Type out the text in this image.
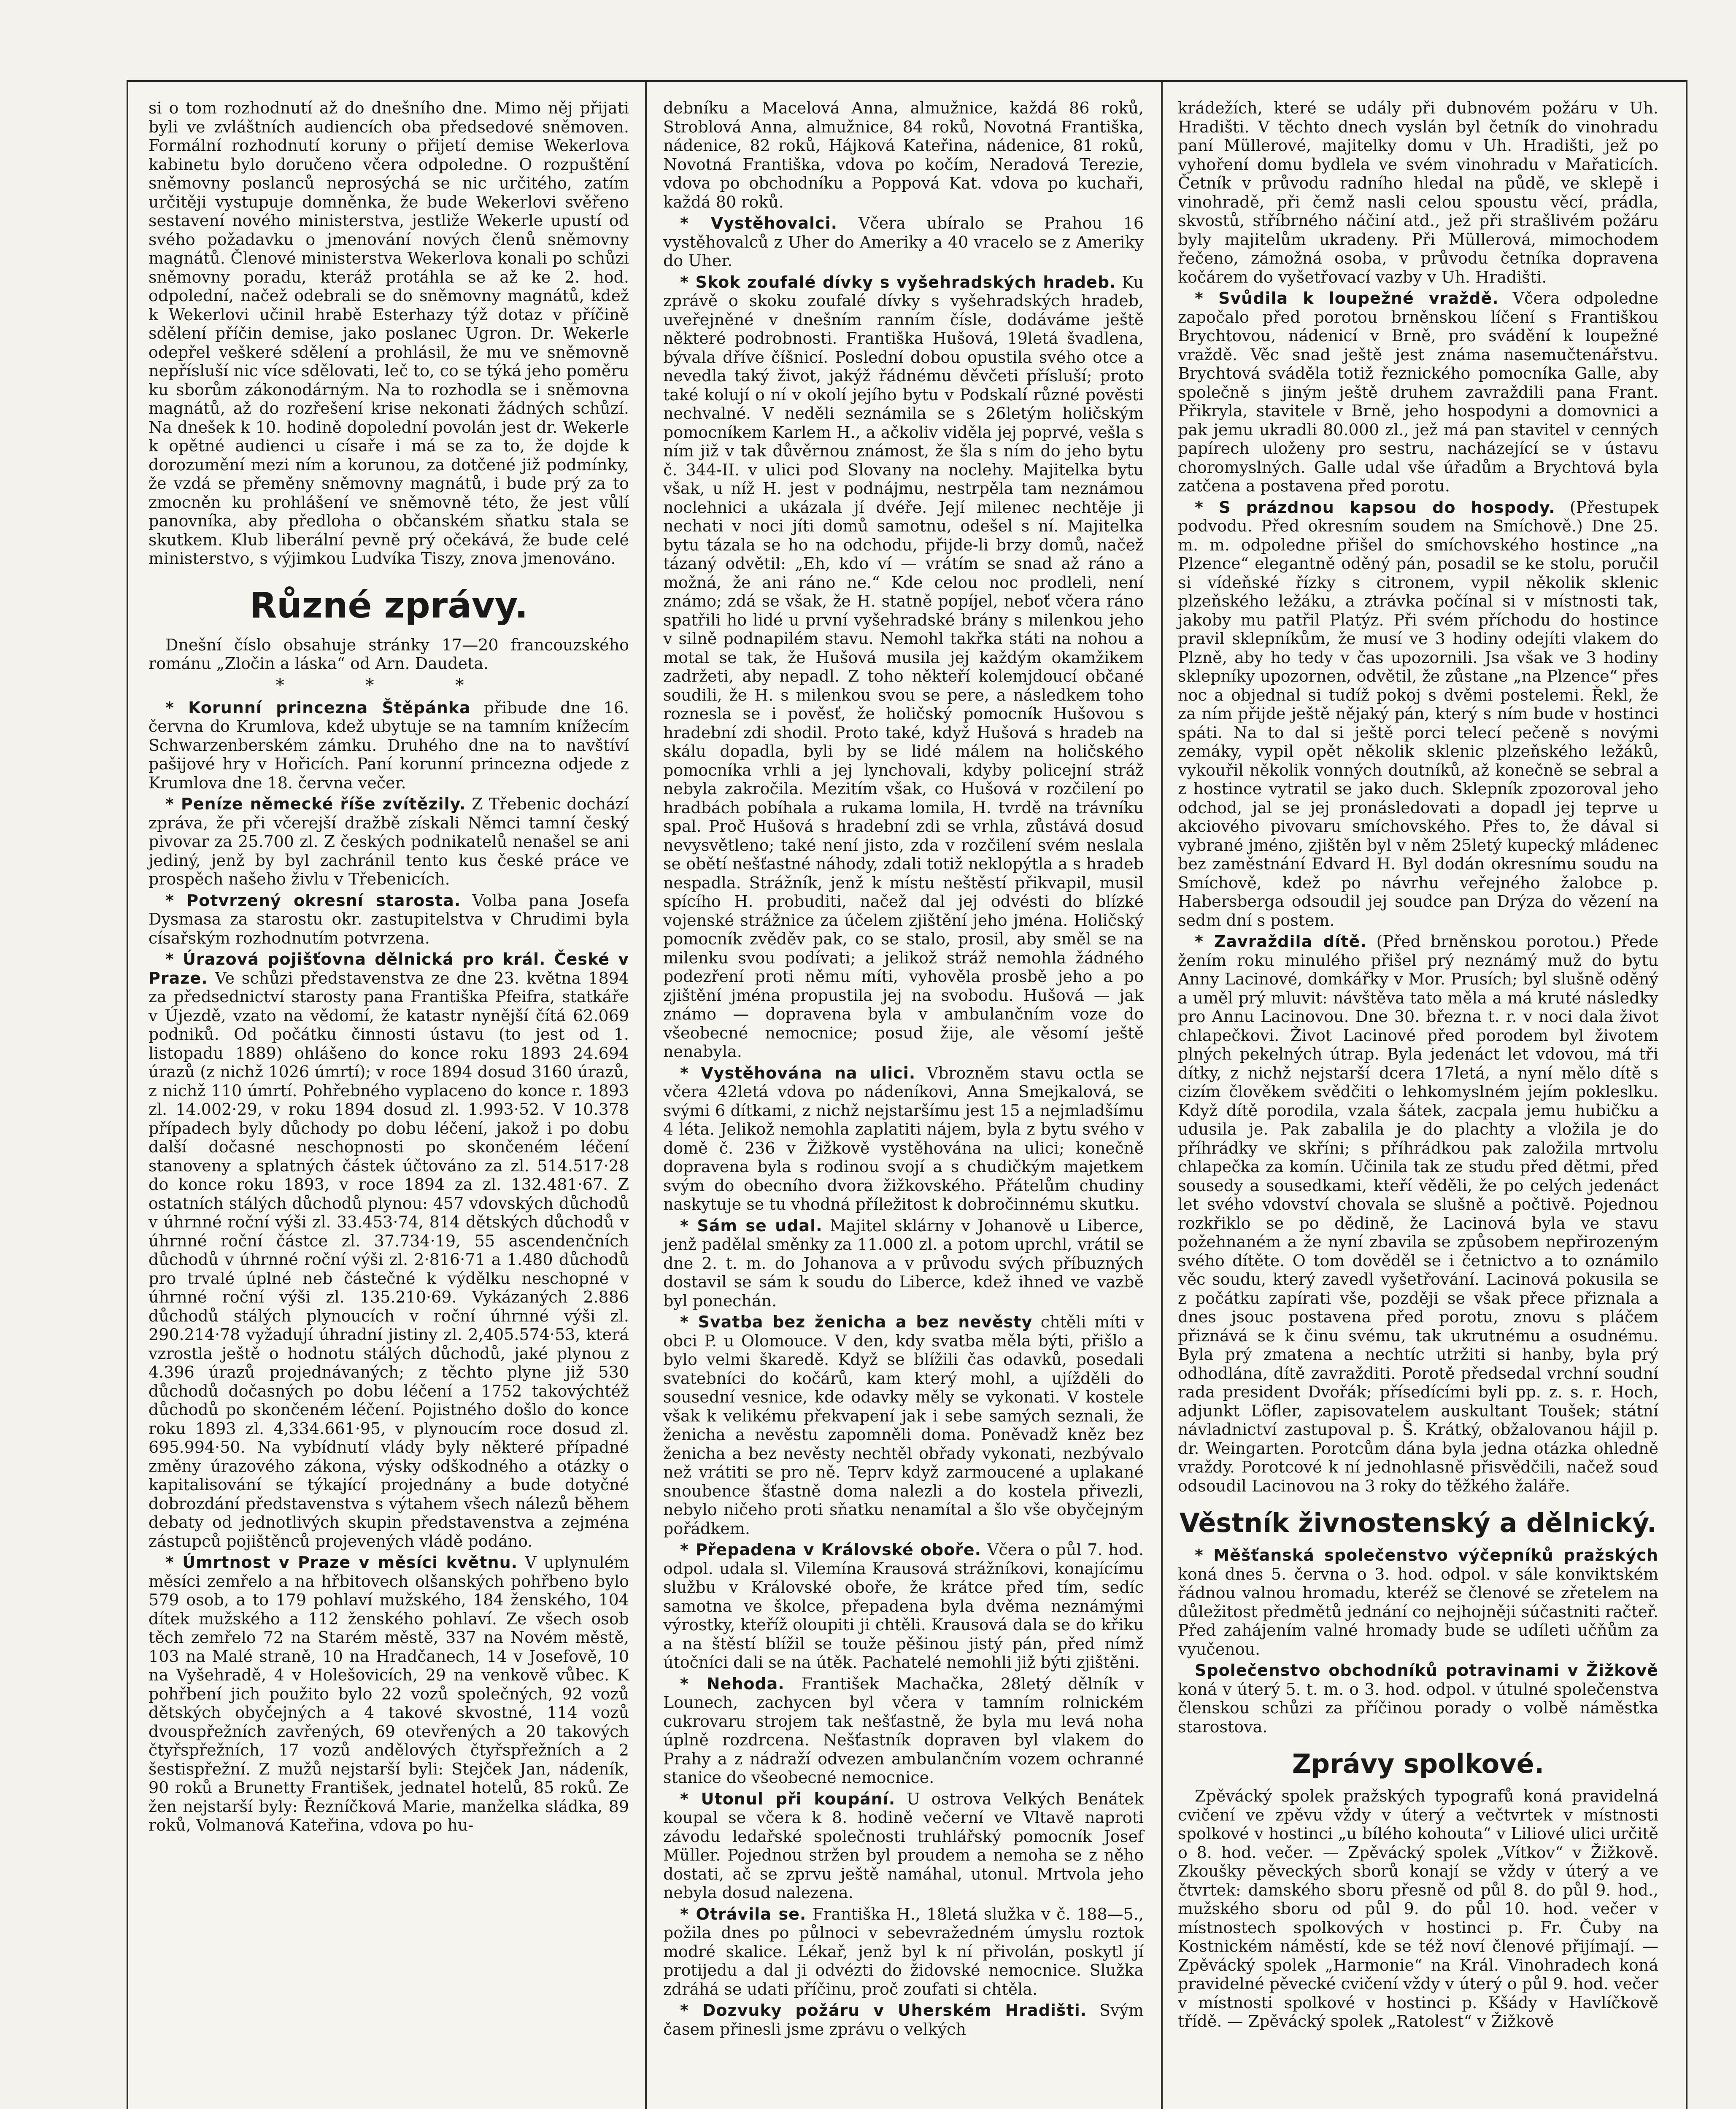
si o tom rozhodnutí až do dnešního dne. Mimo něj přijati byli ve zvláštních audiencích oba předsedové sněmoven. Formální rozhodnutí koruny o přijetí demise Wekerlova kabinetu bylo doručeno včera odpoledne. O rozpuštění sněmovny poslanců neprosýchá se nic určitého, zatím určitěji vystupuje domněnka, že bude Wekerlovi svěřeno sestavení nového ministerstva, jestliže Wekerle upustí od svého požadavku o jmenování nových členů sněmovny magnátů. Členové ministerstva Wekerlova konali po schůzi sněmovny poradu, kteráž protáhla se až ke 2. hod. odpolední, načež odebrali se do sněmovny magnátů, kdež k Wekerlovi učinil hrabě Esterhazy týž dotaz v příčině sdělení příčin demise, jako poslanec Ugron. Dr. Wekerle odepřel veškeré sdělení a prohlásil, že mu ve sněmovně nepřísluší nic více sdělovati, leč to, co se týká jeho poměru ku sborům zákonodárným. Na to rozhodla se i sněmovna magnátů, až do rozřešení krise nekonati žádných schůzí. Na dnešek k 10. hodině dopolední povolán jest dr. Wekerle k opětné audienci u císaře i má se za to, že dojde k dorozumění mezi ním a korunou, za dotčené již podmínky, že vzdá se přeměny sněmovny magnátů, i bude prý za to zmocněn ku prohlášení ve sněmovně této, že jest vůlí panovníka, aby předloha o občanském sňatku stala se skutkem. Klub liberální pevně prý očekává, že bude celé ministerstvo, s výjimkou Ludvíka Tiszy, znova jmenováno.

Různé zprávy.

Dnešní číslo obsahuje stránky 17—20 francouzského románu „Zločin a láska“ od Arn. Daudeta.

* * *

* Korunní princezna Štěpánka přibude dne 16. června do Krumlova, kdež ubytuje se na tamním knížecím Schwarzenberském zámku. Druhého dne na to navštíví pašijové hry v Hořicích. Paní korunní princezna odjede z Krumlova dne 18. června večer.

* Peníze německé říše zvítězily. Z Třebenic dochází zpráva, že při včerejší dražbě získali Němci tamní český pivovar za 25.700 zl. Z českých podnikatelů nenašel se ani jediný, jenž by byl zachránil tento kus české práce ve prospěch našeho živlu v Třebenicích.

* Potvrzený okresní starosta. Volba pana Josefa Dysmasa za starostu okr. zastupitelstva v Chrudimi byla císařským rozhodnutím potvrzena.

* Úrazová pojišťovna dělnická pro král. České v Praze. Ve schůzi představenstva ze dne 23. května 1894 za předsednictví starosty pana Františka Pfeifra, statkáře v Újezdě, vzato na vědomí, že katastr nynější čítá 62.069 podniků. Od počátku činnosti ústavu (to jest od 1. listopadu 1889) ohlášeno do konce roku 1893 24.694 úrazů (z nichž 1026 úmrtí); v roce 1894 dosud 3160 úrazů, z nichž 110 úmrtí. Pohřebného vyplaceno do konce r. 1893 zl. 14.002·29, v roku 1894 dosud zl. 1.993·52. V 10.378 případech byly důchody po dobu léčení, jakož i po dobu další dočasné neschopnosti po skončeném léčení stanoveny a splatných částek účtováno za zl. 514.517·28 do konce roku 1893, v roce 1894 za zl. 132.481·67. Z ostatních stálých důchodů plynou: 457 vdovských důchodů v úhrnné roční výši zl. 33.453·74, 814 dětských důchodů v úhrnné roční částce zl. 37.734·19, 55 ascendenčních důchodů v úhrnné roční výši zl. 2·816·71 a 1.480 důchodů pro trvalé úplné neb částečné k výdělku neschopné v úhrnné roční výši zl. 135.210·69. Vykázaných 2.886 důchodů stálých plynoucích v roční úhrnné výši zl. 290.214·78 vyžadují úhradní jistiny zl. 2,405.574·53, která vzrostla ještě o hodnotu stálých důchodů, jaké plynou z 4.396 úrazů projednávaných; z těchto plyne již 530 důchodů dočasných po dobu léčení a 1752 takovýchtéž důchodů po skončeném léčení. Pojistného došlo do konce roku 1893 zl. 4,334.661·95, v plynoucím roce dosud zl. 695.994·50. Na vybídnutí vlády byly některé případné změny úrazového zákona, výsky odškodného a otázky o kapitalisování se týkající projednány a bude dotyčné dobrozdání představenstva s výtahem všech nálezů během debaty od jednotlivých skupin představenstva a zejména zástupců pojištěnců projevených vládě podáno.

* Úmrtnost v Praze v měsíci květnu. V uplynulém měsíci zemřelo a na hřbitovech olšanských pohřbeno bylo 579 osob, a to 179 pohlaví mužského, 184 ženského, 104 dítek mužského a 112 ženského pohlaví. Ze všech osob těch zemřelo 72 na Starém městě, 337 na Novém městě, 103 na Malé straně, 10 na Hradčanech, 14 v Josefově, 10 na Vyšehradě, 4 v Holešovicích, 29 na venkově vůbec. K pohřbení jich použito bylo 22 vozů společných, 92 vozů dětských obyčejných a 4 takové skvostné, 114 vozů dvouspřežních zavřených, 69 otevřených a 20 takových čtyřspřežních, 17 vozů andělových čtyřspřežních a 2 šestispřežní. Z mužů nejstarší byli: Stejček Jan, nádeník, 90 roků a Brunetty František, jednatel hotelů, 85 roků. Ze žen nejstarší byly: Řezníčková Marie, manželka sládka, 89 roků, Volmanová Kateřina, vdova po hu-

debníku a Macelová Anna, almužnice, každá 86 roků, Stroblová Anna, almužnice, 84 roků, Novotná Františka, nádenice, 82 roků, Hájková Kateřina, nádenice, 81 roků, Novotná Františka, vdova po kočím, Neradová Terezie, vdova po obchodníku a Poppová Kat. vdova po kuchaři, každá 80 roků.

* Vystěhovalci. Včera ubíralo se Prahou 16 vystěhovalců z Uher do Ameriky a 40 vracelo se z Ameriky do Uher.

* Skok zoufalé dívky s vyšehradských hradeb. Ku zprávě o skoku zoufalé dívky s vyšehradských hradeb, uveřejněné v dnešním ranním čísle, dodáváme ještě některé podrobnosti. Františka Hušová, 19letá švadlena, bývala dříve číšnicí. Poslední dobou opustila svého otce a nevedla taký život, jakýž řádnému děvčeti přísluší; proto také kolují o ní v okolí jejího bytu v Podskalí různé pověsti nechvalné. V neděli seznámila se s 26letým holičským pomocníkem Karlem H., a ačkoliv viděla jej poprvé, vešla s ním již v tak důvěrnou známost, že šla s ním do jeho bytu č. 344-II. v ulici pod Slovany na noclehy. Majitelka bytu však, u níž H. jest v podnájmu, nestrpěla tam neznámou noclehnici a ukázala jí dvéře. Její milenec nechtěje ji nechati v noci jíti domů samotnu, odešel s ní. Majitelka bytu tázala se ho na odchodu, přijde-li brzy domů, načež tázaný odvětil: „Eh, kdo ví — vrátím se snad až ráno a možná, že ani ráno ne.“ Kde celou noc prodleli, není známo; zdá se však, že H. statně popíjel, neboť včera ráno spatřili ho lidé u první vyšehradské brány s milenkou jeho v silně podnapilém stavu. Nemohl takřka státi na nohou a motal se tak, že Hušová musila jej každým okamžikem zadržeti, aby nepadl. Z toho někteří kolemjdoucí občané soudili, že H. s milenkou svou se pere, a následkem toho roznesla se i pověsť, že holičský pomocník Hušovou s hradební zdi shodil. Proto také, když Hušová s hradeb na skálu dopadla, byli by se lidé málem na holičského pomocníka vrhli a jej lynchovali, kdyby policejní stráž nebyla zakročila. Mezitím však, co Hušová v rozčilení po hradbách pobíhala a rukama lomila, H. tvrdě na trávníku spal. Proč Hušová s hradební zdi se vrhla, zůstává dosud nevysvětleno; také není jisto, zda v rozčilení svém neslala se obětí nešťastné náhody, zdali totiž neklopýtla a s hradeb nespadla. Strážník, jenž k místu neštěstí přikvapil, musil spícího H. probuditi, načež dal jej odvésti do blízké vojenské strážnice za účelem zjištění jeho jména. Holičský pomocník zvěděv pak, co se stalo, prosil, aby směl se na milenku svou podívati; a jelikož stráž nemohla žádného podezření proti němu míti, vyhověla prosbě jeho a po zjištění jména propustila jej na svobodu. Hušová — jak známo — dopravena byla v ambulančním voze do všeobecné nemocnice; posud žije, ale věsomí ještě nenabyla.

* Vystěhována na ulici. Vbrozněm stavu octla se včera 42letá vdova po nádeníkovi, Anna Smejkalová, se svými 6 dítkami, z nichž nejstaršímu jest 15 a nejmladšímu 4 léta. Jelikož nemohla zaplatiti nájem, byla z bytu svého v domě č. 236 v Žižkově vystěhována na ulici; konečně dopravena byla s rodinou svojí a s chudičkým majetkem svým do obecního dvora žižkovského. Přátelům chudiny naskytuje se tu vhodná příležitost k dobročinnému skutku.

* Sám se udal. Majitel sklárny v Johanově u Liberce, jenž padělal směnky za 11.000 zl. a potom uprchl, vrátil se dne 2. t. m. do Johanova a v průvodu svých příbuzných dostavil se sám k soudu do Liberce, kdež ihned ve vazbě byl ponechán.

* Svatba bez ženicha a bez nevěsty chtěli míti v obci P. u Olomouce. V den, kdy svatba měla býti, přišlo a bylo velmi škaredě. Když se blížili čas odavků, posedali svatebníci do kočárů, kam který mohl, a ujížděli do sousední vesnice, kde odavky měly se vykonati. V kostele však k velikému překvapení jak i sebe samých seznali, že ženicha a nevěstu zapomněli doma. Poněvadž kněz bez ženicha a bez nevěsty nechtěl obřady vykonati, nezbývalo než vrátiti se pro ně. Teprv když zarmoucené a uplakané snoubence šťastně doma nalezli a do kostela přivezli, nebylo ničeho proti sňatku nenamítal a šlo vše obyčejným pořádkem.

* Přepadena v Královské oboře. Včera o půl 7. hod. odpol. udala sl. Vilemína Krausová strážníkovi, konajícímu službu v Královské oboře, že krátce před tím, sedíc samotna ve školce, přepadena byla dvěma neznámými výrostky, kteříž oloupiti ji chtěli. Krausová dala se do křiku a na štěstí blížil se touže pěšinou jistý pán, před nímž útočníci dali se na útěk. Pachatelé nemohli již býti zjištěni.

* Nehoda. František Machačka, 28letý dělník v Lounech, zachycen byl včera v tamním rolnickém cukrovaru strojem tak nešťastně, že byla mu levá noha úplně rozdrcena. Nešťastník dopraven byl vlakem do Prahy a z nádraží odvezen ambulančním vozem ochranné stanice do všeobecné nemocnice.

* Utonul při koupání. U ostrova Velkých Benátek koupal se včera k 8. hodině večerní ve Vltavě naproti závodu ledařské společnosti truhlářský pomocník Josef Müller. Pojednou stržen byl proudem a nemoha se z něho dostati, ač se zprvu ještě namáhal, utonul. Mrtvola jeho nebyla dosud nalezena.

* Otrávila se. Františka H., 18letá služka v č. 188—5., požila dnes po půlnoci v sebevražedném úmyslu roztok modré skalice. Lékař, jenž byl k ní přivolán, poskytl jí protijedu a dal ji odvézti do židovské nemocnice. Služka zdráhá se udati příčinu, proč zoufati si chtěla.

* Dozvuky požáru v Uherském Hradišti. Svým časem přinesli jsme zprávu o velkých

krádežích, které se udály při dubnovém požáru v Uh. Hradišti. V těchto dnech vyslán byl četník do vinohradu paní Müllerové, majitelky domu v Uh. Hradišti, jež po vyhoření domu bydlela ve svém vinohradu v Mařaticích. Četník v průvodu radního hledal na půdě, ve sklepě i vinohradě, při čemž nasli celou spoustu věcí, prádla, skvostů, stříbrného náčiní atd., jež při strašlivém požáru byly majitelům ukradeny. Při Müllerová, mimochodem řečeno, zámožná osoba, v průvodu četníka dopravena kočárem do vyšetřovací vazby v Uh. Hradišti.

* Svůdila k loupežné vraždě. Včera odpoledne započalo před porotou brněnskou líčení s Františkou Brychtovou, nádenicí v Brně, pro svádění k loupežné vraždě. Věc snad ještě jest známa nasemučtenářstvu. Brychtová sváděla totiž řeznického pomocníka Galle, aby společně s jiným ještě druhem zavraždili pana Frant. Přikryla, stavitele v Brně, jeho hospodyni a domovnici a pak jemu ukradli 80.000 zl., jež má pan stavitel v cenných papírech uloženy pro sestru, nacházející se v ústavu choromyslných. Galle udal vše úřadům a Brychtová byla zatčena a postavena před porotu.

* S prázdnou kapsou do hospody. (Přestupek podvodu. Před okresním soudem na Smíchově.) Dne 25. m. m. odpoledne přišel do smíchovského hostince „na Plzence“ elegantně oděný pán, posadil se ke stolu, poručil si vídeňské řízky s citronem, vypil několik sklenic plzeňského ležáku, a ztrávka počínal si v místnosti tak, jakoby mu patřil Platýz. Při svém příchodu do hostince pravil sklepníkům, že musí ve 3 hodiny odejíti vlakem do Plzně, aby ho tedy v čas upozornili. Jsa však ve 3 hodiny sklepníky upozornen, odvětil, že zůstane „na Plzence“ přes noc a objednal si tudíž pokoj s dvěmi postelemi. Řekl, že za ním přijde ještě nějaký pán, který s ním bude v hostinci spáti. Na to dal si ještě porci telecí pečeně s novými zemáky, vypil opět několik sklenic plzeňského ležáků, vykouřil několik vonných doutníků, až konečně se sebral a z hostince vytratil se jako duch. Sklepník zpozoroval jeho odchod, jal se jej pronásledovati a dopadl jej teprve u akciového pivovaru smíchovského. Přes to, že dával si vybrané jméno, zjištěn byl v něm 25letý kupecký mládenec bez zaměstnání Edvard H. Byl dodán okresnímu soudu na Smíchově, kdež po návrhu veřejného žalobce p. Habersberga odsoudil jej soudce pan Drýza do vězení na sedm dní s postem.

* Zavraždila dítě. (Před brněnskou porotou.) Přede žením roku minulého přišel prý neznámý muž do bytu Anny Lacinové, domkářky v Mor. Prusích; byl slušně oděný a uměl prý mluvit: návštěva tato měla a má kruté následky pro Annu Lacinovou. Dne 30. března t. r. v noci dala život chlapečkovi. Život Lacinové před porodem byl životem plných pekelných útrap. Byla jedenáct let vdovou, má tři dítky, z nichž nejstarší dcera 17letá, a nyní mělo dítě s cizím člověkem svědčiti o lehkomyslném jejím pokleslku. Když dítě porodila, vzala šátek, zacpala jemu hubičku a udusila je. Pak zabalila je do plachty a vložila je do příhrádky ve skříni; s příhrádkou pak založila mrtvolu chlapečka za komín. Učinila tak ze studu před dětmi, před sousedy a sousedkami, kteří věděli, že po celých jedenáct let svého vdovství chovala se slušně a počtivě. Pojednou rozkřiklo se po dědině, že Lacinová byla ve stavu požehnaném a že nyní zbavila se způsobem nepřirozeným svého dítěte. O tom dověděl se i četnictvo a to oznámilo věc soudu, který zavedl vyšetřování. Lacinová pokusila se z počátku zapírati vše, později se však přece přiznala a dnes jsouc postavena před porotu, znovu s pláčem přiznává se k činu svému, tak ukrutnému a osudnému. Byla prý zmatena a nechtíc utržiti si hanby, byla prý odhodlána, dítě zavražditi. Porotě předsedal vrchní soudní rada president Dvořák; přísedícími byli pp. z. s. r. Hoch, adjunkt Löfler, zapisovatelem auskultant Toušek; státní návladnictví zastupoval p. Š. Krátký, obžalovanou hájil p. dr. Weingarten. Porotcům dána byla jedna otázka ohledně vraždy. Porotcové k ní jednohlasně přisvědčili, načež soud odsoudil Lacinovou na 3 roky do těžkého žaláře.

Věstník živnostenský a dělnický.

* Měšťanská společenstvo výčepníků pražských koná dnes 5. června o 3. hod. odpol. v sále konviktském řádnou valnou hromadu, kteréž se členové se zřetelem na důležitost předmětů jednání co nejhojněji súčastniti račteř. Před zahájením valné hromady bude se udíleti učňům za vyučenou.

Společenstvo obchodníků potravinami v Žižkově koná v úterý 5. t. m. o 3. hod. odpol. v útulné společenstva členskou schůzi za příčinou porady o volbě náměstka starostova.

Zprávy spolkové.

Zpěvácký spolek pražských typografů koná pravidelná cvičení ve zpěvu vždy v úterý a večtvrtek v místnosti spolkové v hostinci „u bílého kohouta“ v Liliové ulici určitě o 8. hod. večer. — Zpěvácký spolek „Vítkov“ v Žižkově. Zkoušky pěveckých sborů konají se vždy v úterý a ve čtvrtek: damského sboru přesně od půl 8. do půl 9. hod., mužského sboru od půl 9. do půl 10. hod. večer v místnostech spolkových v hostinci p. Fr. Čuby na Kostnickém náměstí, kde se též noví členové přijímají. — Zpěvácký spolek „Harmonie“ na Král. Vinohradech koná pravidelné pěvecké cvičení vždy v úterý o půl 9. hod. večer v místnosti spolkové v hostinci p. Kšády v Havlíčkově třídě. — Zpěvácký spolek „Ratolest“ v Žižkově
